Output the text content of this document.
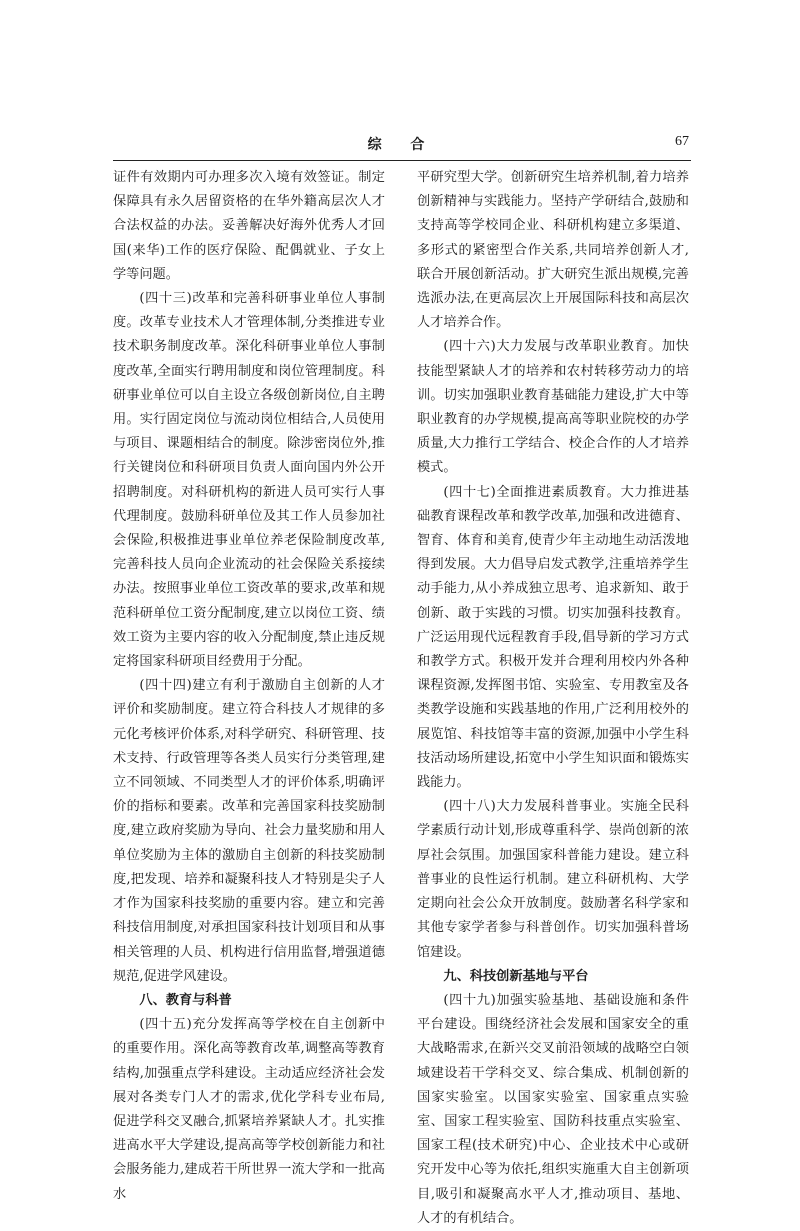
综 合	67

证件有效期内可办理多次入境有效签证。制定保障具有永久居留资格的在华外籍高层次人才合法权益的办法。妥善解决好海外优秀人才回国(来华)工作的医疗保险、配偶就业、子女上学等问题。

(四十三)改革和完善科研事业单位人事制度。改革专业技术人才管理体制,分类推进专业技术职务制度改革。深化科研事业单位人事制度改革,全面实行聘用制度和岗位管理制度。科研事业单位可以自主设立各级创新岗位,自主聘用。实行固定岗位与流动岗位相结合,人员使用与项目、课题相结合的制度。除涉密岗位外,推行关键岗位和科研项目负责人面向国内外公开招聘制度。对科研机构的新进人员可实行人事代理制度。鼓励科研单位及其工作人员参加社会保险,积极推进事业单位养老保险制度改革,完善科技人员向企业流动的社会保险关系接续办法。按照事业单位工资改革的要求,改革和规范科研单位工资分配制度,建立以岗位工资、绩效工资为主要内容的收入分配制度,禁止违反规定将国家科研项目经费用于分配。

(四十四)建立有利于激励自主创新的人才评价和奖励制度。建立符合科技人才规律的多元化考核评价体系,对科学研究、科研管理、技术支持、行政管理等各类人员实行分类管理,建立不同领域、不同类型人才的评价体系,明确评价的指标和要素。改革和完善国家科技奖励制度,建立政府奖励为导向、社会力量奖励和用人单位奖励为主体的激励自主创新的科技奖励制度,把发现、培养和凝聚科技人才特别是尖子人才作为国家科技奖励的重要内容。建立和完善科技信用制度,对承担国家科技计划项目和从事相关管理的人员、机构进行信用监督,增强道德规范,促进学风建设。

八、教育与科普

(四十五)充分发挥高等学校在自主创新中的重要作用。深化高等教育改革,调整高等教育结构,加强重点学科建设。主动适应经济社会发展对各类专门人才的需求,优化学科专业布局,促进学科交叉融合,抓紧培养紧缺人才。扎实推进高水平大学建设,提高高等学校创新能力和社会服务能力,建成若干所世界一流大学和一批高水

平研究型大学。创新研究生培养机制,着力培养创新精神与实践能力。坚持产学研结合,鼓励和支持高等学校同企业、科研机构建立多渠道、多形式的紧密型合作关系,共同培养创新人才,联合开展创新活动。扩大研究生派出规模,完善选派办法,在更高层次上开展国际科技和高层次人才培养合作。

(四十六)大力发展与改革职业教育。加快技能型紧缺人才的培养和农村转移劳动力的培训。切实加强职业教育基础能力建设,扩大中等职业教育的办学规模,提高高等职业院校的办学质量,大力推行工学结合、校企合作的人才培养模式。

(四十七)全面推进素质教育。大力推进基础教育课程改革和教学改革,加强和改进德育、智育、体育和美育,使青少年主动地生动活泼地得到发展。大力倡导启发式教学,注重培养学生动手能力,从小养成独立思考、追求新知、敢于创新、敢于实践的习惯。切实加强科技教育。广泛运用现代远程教育手段,倡导新的学习方式和教学方式。积极开发并合理利用校内外各种课程资源,发挥图书馆、实验室、专用教室及各类教学设施和实践基地的作用,广泛利用校外的展览馆、科技馆等丰富的资源,加强中小学生科技活动场所建设,拓宽中小学生知识面和锻炼实践能力。

(四十八)大力发展科普事业。实施全民科学素质行动计划,形成尊重科学、崇尚创新的浓厚社会氛围。加强国家科普能力建设。建立科普事业的良性运行机制。建立科研机构、大学定期向社会公众开放制度。鼓励著名科学家和其他专家学者参与科普创作。切实加强科普场馆建设。

九、科技创新基地与平台

(四十九)加强实验基地、基础设施和条件平台建设。围绕经济社会发展和国家安全的重大战略需求,在新兴交叉前沿领域的战略空白领域建设若干学科交叉、综合集成、机制创新的国家实验室。以国家实验室、国家重点实验室、国家工程实验室、国防科技重点实验室、国家工程(技术研究)中心、企业技术中心或研究开发中心等为依托,组织实施重大自主创新项目,吸引和凝聚高水平人才,推动项目、基地、人才的有机结合。
